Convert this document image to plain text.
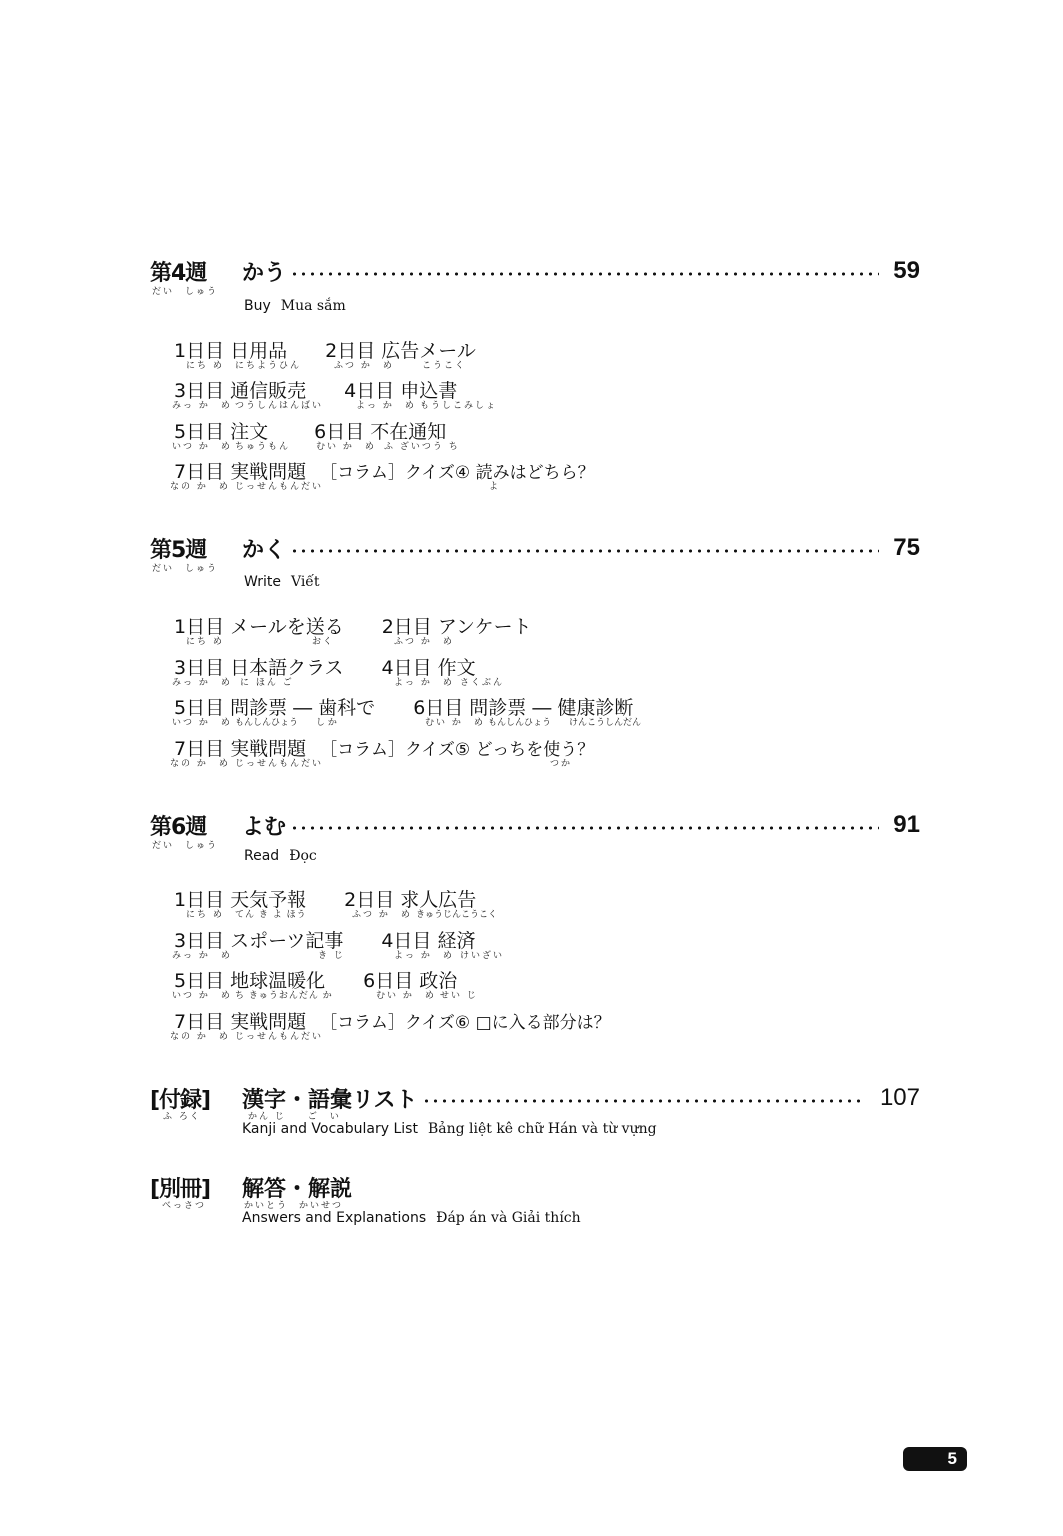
第4週	かう	59
だい　しゅう
Buy Mua sắm
1日目 日用品 2日目 広告メール
にち め にちようひん	ふつ か　め	こうこく
3日目 通信販売 4日目 申込書
みっ か　め つうしんはんばい	よっ か　め もうしこみしょ
5日目 注文 6日目 不在通知
いつ か　め ちゅうもん	むい か　め ふ ざいつう ち
7日目 実戦問題 ［コラム］クイズ④ 読みはどちら？
なの か　め じっせんもんだい	よ
第5週	かく	75
だい　しゅう
Write Viết
1日目 メールを送る 2日目 アンケート
にち め	おく	ふつ か　め
3日目 日本語クラス 4日目 作文
みっ か　め に ほん ご	よっ か　め さくぶん
5日目 問診票 ― 歯科で 6日目 問診票 ― 健康診断
いつ か　め もんしんひょう　　し か	むい か　め もんしんひょう　　けんこうしんだん
7日目 実戦問題 ［コラム］クイズ⑤ どっちを使う？
なの か　め じっせんもんだい	つか
第6週	よむ	91
だい　しゅう
Read Đọc
1日目 天気予報 2日目 求人広告
にち め てん き よ ほう	ふつ か　め きゅうじんこうこく
3日目 スポーツ記事 4日目 経済
みっ か　め	き じ	よっ か　め けいざい
5日目 地球温暖化 6日目 政治
いつ か　め ち きゅうおんだん か	むい か　め せい じ
7日目 実戦問題 ［コラム］クイズ⑥ □に入る部分は？
なの か　め じっせんもんだい
[付録]	漢字・語彙リスト	107
ふ ろく	かん じ　　ご　い
Kanji and Vocabulary List Bảng liệt kê chữ Hán và từ vựng
[別冊]	解答・解説
べっさつ	かいとう　かいせつ
Answers and Explanations Đáp án và Giải thích
5
